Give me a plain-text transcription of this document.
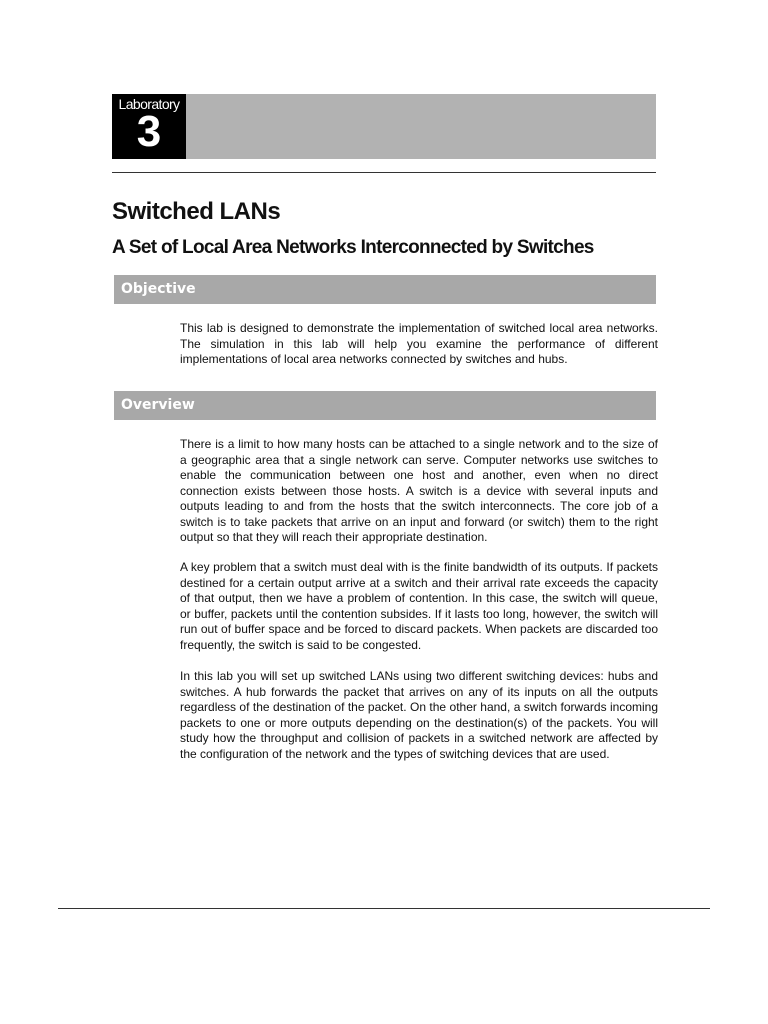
Laboratory
3
Switched LANs
A Set of Local Area Networks Interconnected by Switches
Objective

This lab is designed to demonstrate the implementation of switched local area networks. The simulation in this lab will help you examine the performance of different implementations of local area networks connected by switches and hubs.

Overview

There is a limit to how many hosts can be attached to a single network and to the size of a geographic area that a single network can serve. Computer networks use switches to enable the communication between one host and another, even when no direct connection exists between those hosts. A switch is a device with several inputs and outputs leading to and from the hosts that the switch interconnects. The core job of a switch is to take packets that arrive on an input and forward (or switch) them to the right output so that they will reach their appropriate destination.

A key problem that a switch must deal with is the finite bandwidth of its outputs. If packets destined for a certain output arrive at a switch and their arrival rate exceeds the capacity of that output, then we have a problem of contention. In this case, the switch will queue, or buffer, packets until the contention subsides. If it lasts too long, however, the switch will run out of buffer space and be forced to discard packets. When packets are discarded too frequently, the switch is said to be congested.

In this lab you will set up switched LANs using two different switching devices: hubs and switches. A hub forwards the packet that arrives on any of its inputs on all the outputs regardless of the destination of the packet. On the other hand, a switch forwards incoming packets to one or more outputs depending on the destination(s) of the packets. You will study how the throughput and collision of packets in a switched network are affected by the configuration of the network and the types of switching devices that are used.
